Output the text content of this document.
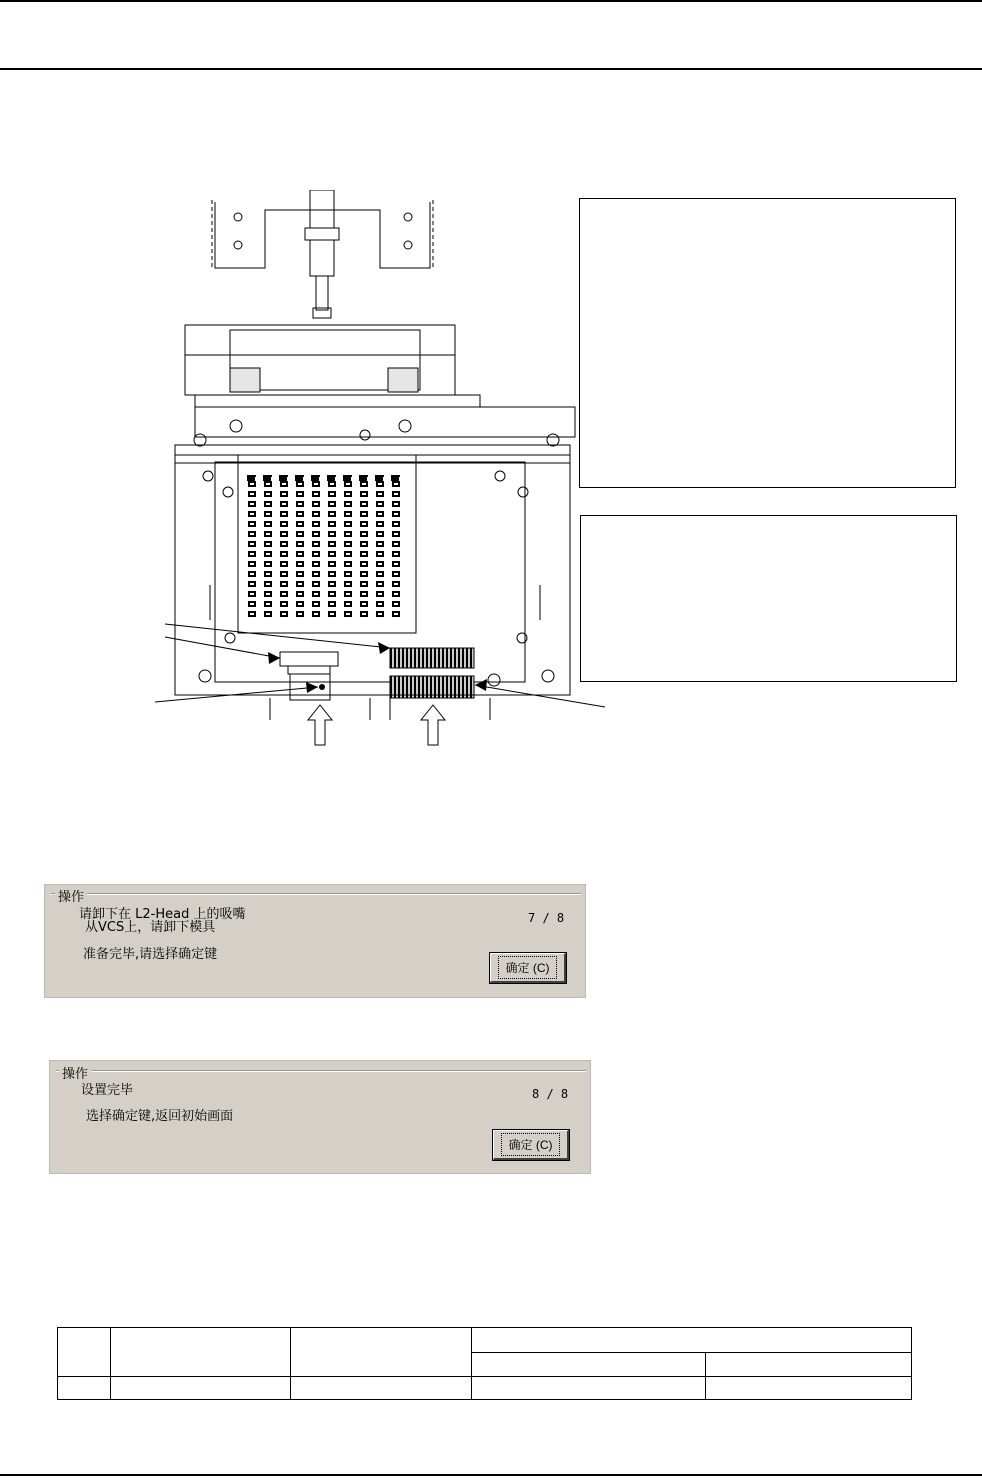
操作
请卸下在 L2-Head 上的吸嘴
从VCS上，请卸下模具
准备完毕,请选择确定键
7 / 8
确定 (C)
操作
设置完毕
选择确定键,返回初始画面
8 / 8
确定 (C)
